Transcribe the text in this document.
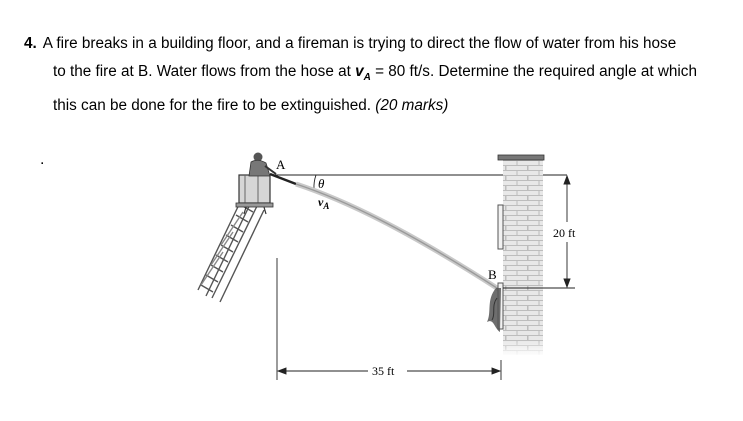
4. A fire breaks in a building floor, and a fireman is trying to direct the flow of water from his hose
to the fire at B. Water flows from the hose at $v_A = 80$ ft/s. Determine the required angle at which
this can be done for the fire to be extinguished. (20 marks)
.
θ
$v_A$
A
B
20 ft
35 ft
